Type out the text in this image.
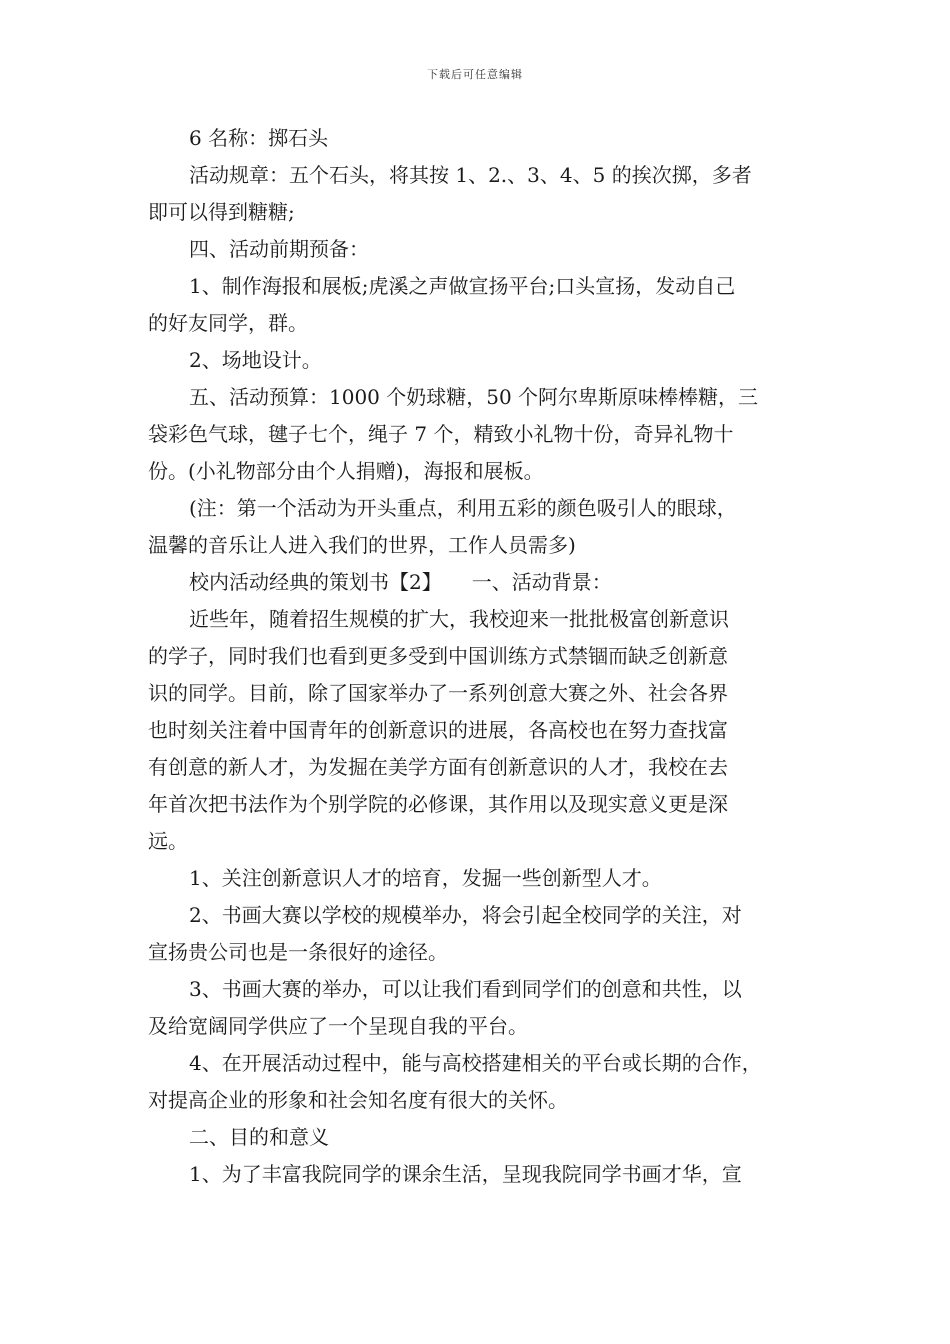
下载后可任意编辑

6 名称：掷石头

活动规章：五个石头，将其按 1、2.、3、4、5 的挨次掷，多者

即可以得到糖糖;

四、活动前期预备：

1、制作海报和展板;虎溪之声做宣扬平台;口头宣扬，发动自己

的好友同学，群。

2、场地设计。

五、活动预算：1000 个奶球糖，50 个阿尔卑斯原味棒棒糖，三

袋彩色气球，毽子七个，绳子 7 个，精致小礼物十份，奇异礼物十

份。(小礼物部分由个人捐赠)，海报和展板。

(注：第一个活动为开头重点，利用五彩的颜色吸引人的眼球，

温馨的音乐让人进入我们的世界，工作人员需多)

校内活动经典的策划书【2】　　一、活动背景：

近些年，随着招生规模的扩大，我校迎来一批批极富创新意识

的学子，同时我们也看到更多受到中国训练方式禁锢而缺乏创新意

识的同学。目前，除了国家举办了一系列创意大赛之外、社会各界

也时刻关注着中国青年的创新意识的进展，各高校也在努力查找富

有创意的新人才，为发掘在美学方面有创新意识的人才，我校在去

年首次把书法作为个别学院的必修课，其作用以及现实意义更是深

远。

1、关注创新意识人才的培育，发掘一些创新型人才。

2、书画大赛以学校的规模举办，将会引起全校同学的关注，对

宣扬贵公司也是一条很好的途径。

3、书画大赛的举办，可以让我们看到同学们的创意和共性，以

及给宽阔同学供应了一个呈现自我的平台。

4、在开展活动过程中，能与高校搭建相关的平台或长期的合作，

对提高企业的形象和社会知名度有很大的关怀。

二、目的和意义

1、为了丰富我院同学的课余生活，呈现我院同学书画才华，宣
